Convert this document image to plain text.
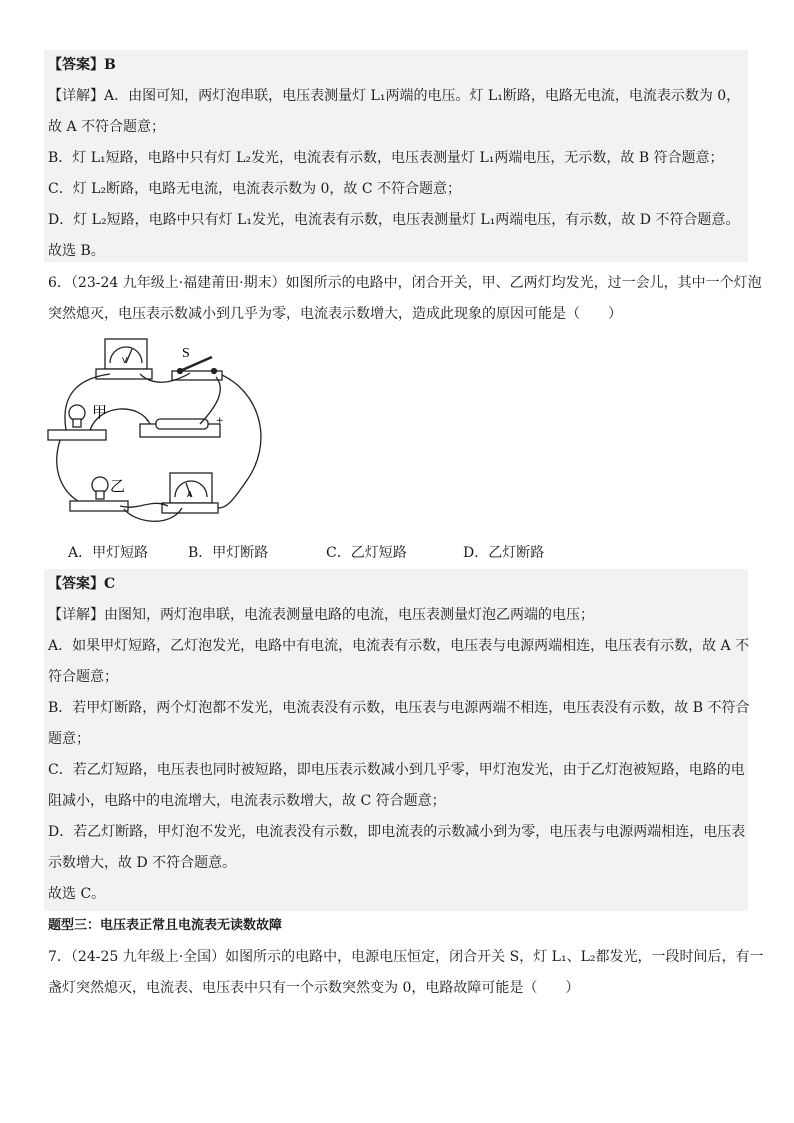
【答案】B
【详解】A．由图可知，两灯泡串联，电压表测量灯 L₁两端的电压。灯 L₁断路，电路无电流，电流表示数为 0，
故 A 不符合题意；
B．灯 L₁短路，电路中只有灯 L₂发光，电流表有示数，电压表测量灯 L₁两端电压，无示数，故 B 符合题意；
C．灯 L₂断路，电路无电流，电流表示数为 0，故 C 不符合题意；
D．灯 L₂短路，电路中只有灯 L₁发光，电流表有示数，电压表测量灯 L₁两端电压，有示数，故 D 不符合题意。
故选 B。
6．（23-24 九年级上·福建莆田·期末）如图所示的电路中，闭合开关，甲、乙两灯均发光，过一会儿，其中一个灯泡
突然熄灭，电压表示数减小到几乎为零，电流表示数增大，造成此现象的原因可能是（　　）
S
甲
乙
V
A
-	+
A．甲灯短路	B．甲灯断路	C．乙灯短路	D．乙灯断路
【答案】C
【详解】由图知，两灯泡串联，电流表测量电路的电流，电压表测量灯泡乙两端的电压；
A．如果甲灯短路，乙灯泡发光，电路中有电流，电流表有示数，电压表与电源两端相连，电压表有示数，故 A 不
符合题意；
B．若甲灯断路，两个灯泡都不发光，电流表没有示数，电压表与电源两端不相连，电压表没有示数，故 B 不符合
题意；
C．若乙灯短路，电压表也同时被短路，即电压表示数减小到几乎零，甲灯泡发光，由于乙灯泡被短路，电路的电
阻减小，电路中的电流增大，电流表示数增大，故 C 符合题意；
D．若乙灯断路，甲灯泡不发光，电流表没有示数，即电流表的示数减小到为零，电压表与电源两端相连，电压表
示数增大，故 D 不符合题意。
故选 C。
题型三：电压表正常且电流表无读数故障
7．（24-25 九年级上·全国）如图所示的电路中，电源电压恒定，闭合开关 S，灯 L₁、L₂都发光，一段时间后，有一
盏灯突然熄灭，电流表、电压表中只有一个示数突然变为 0，电路故障可能是（　　）
